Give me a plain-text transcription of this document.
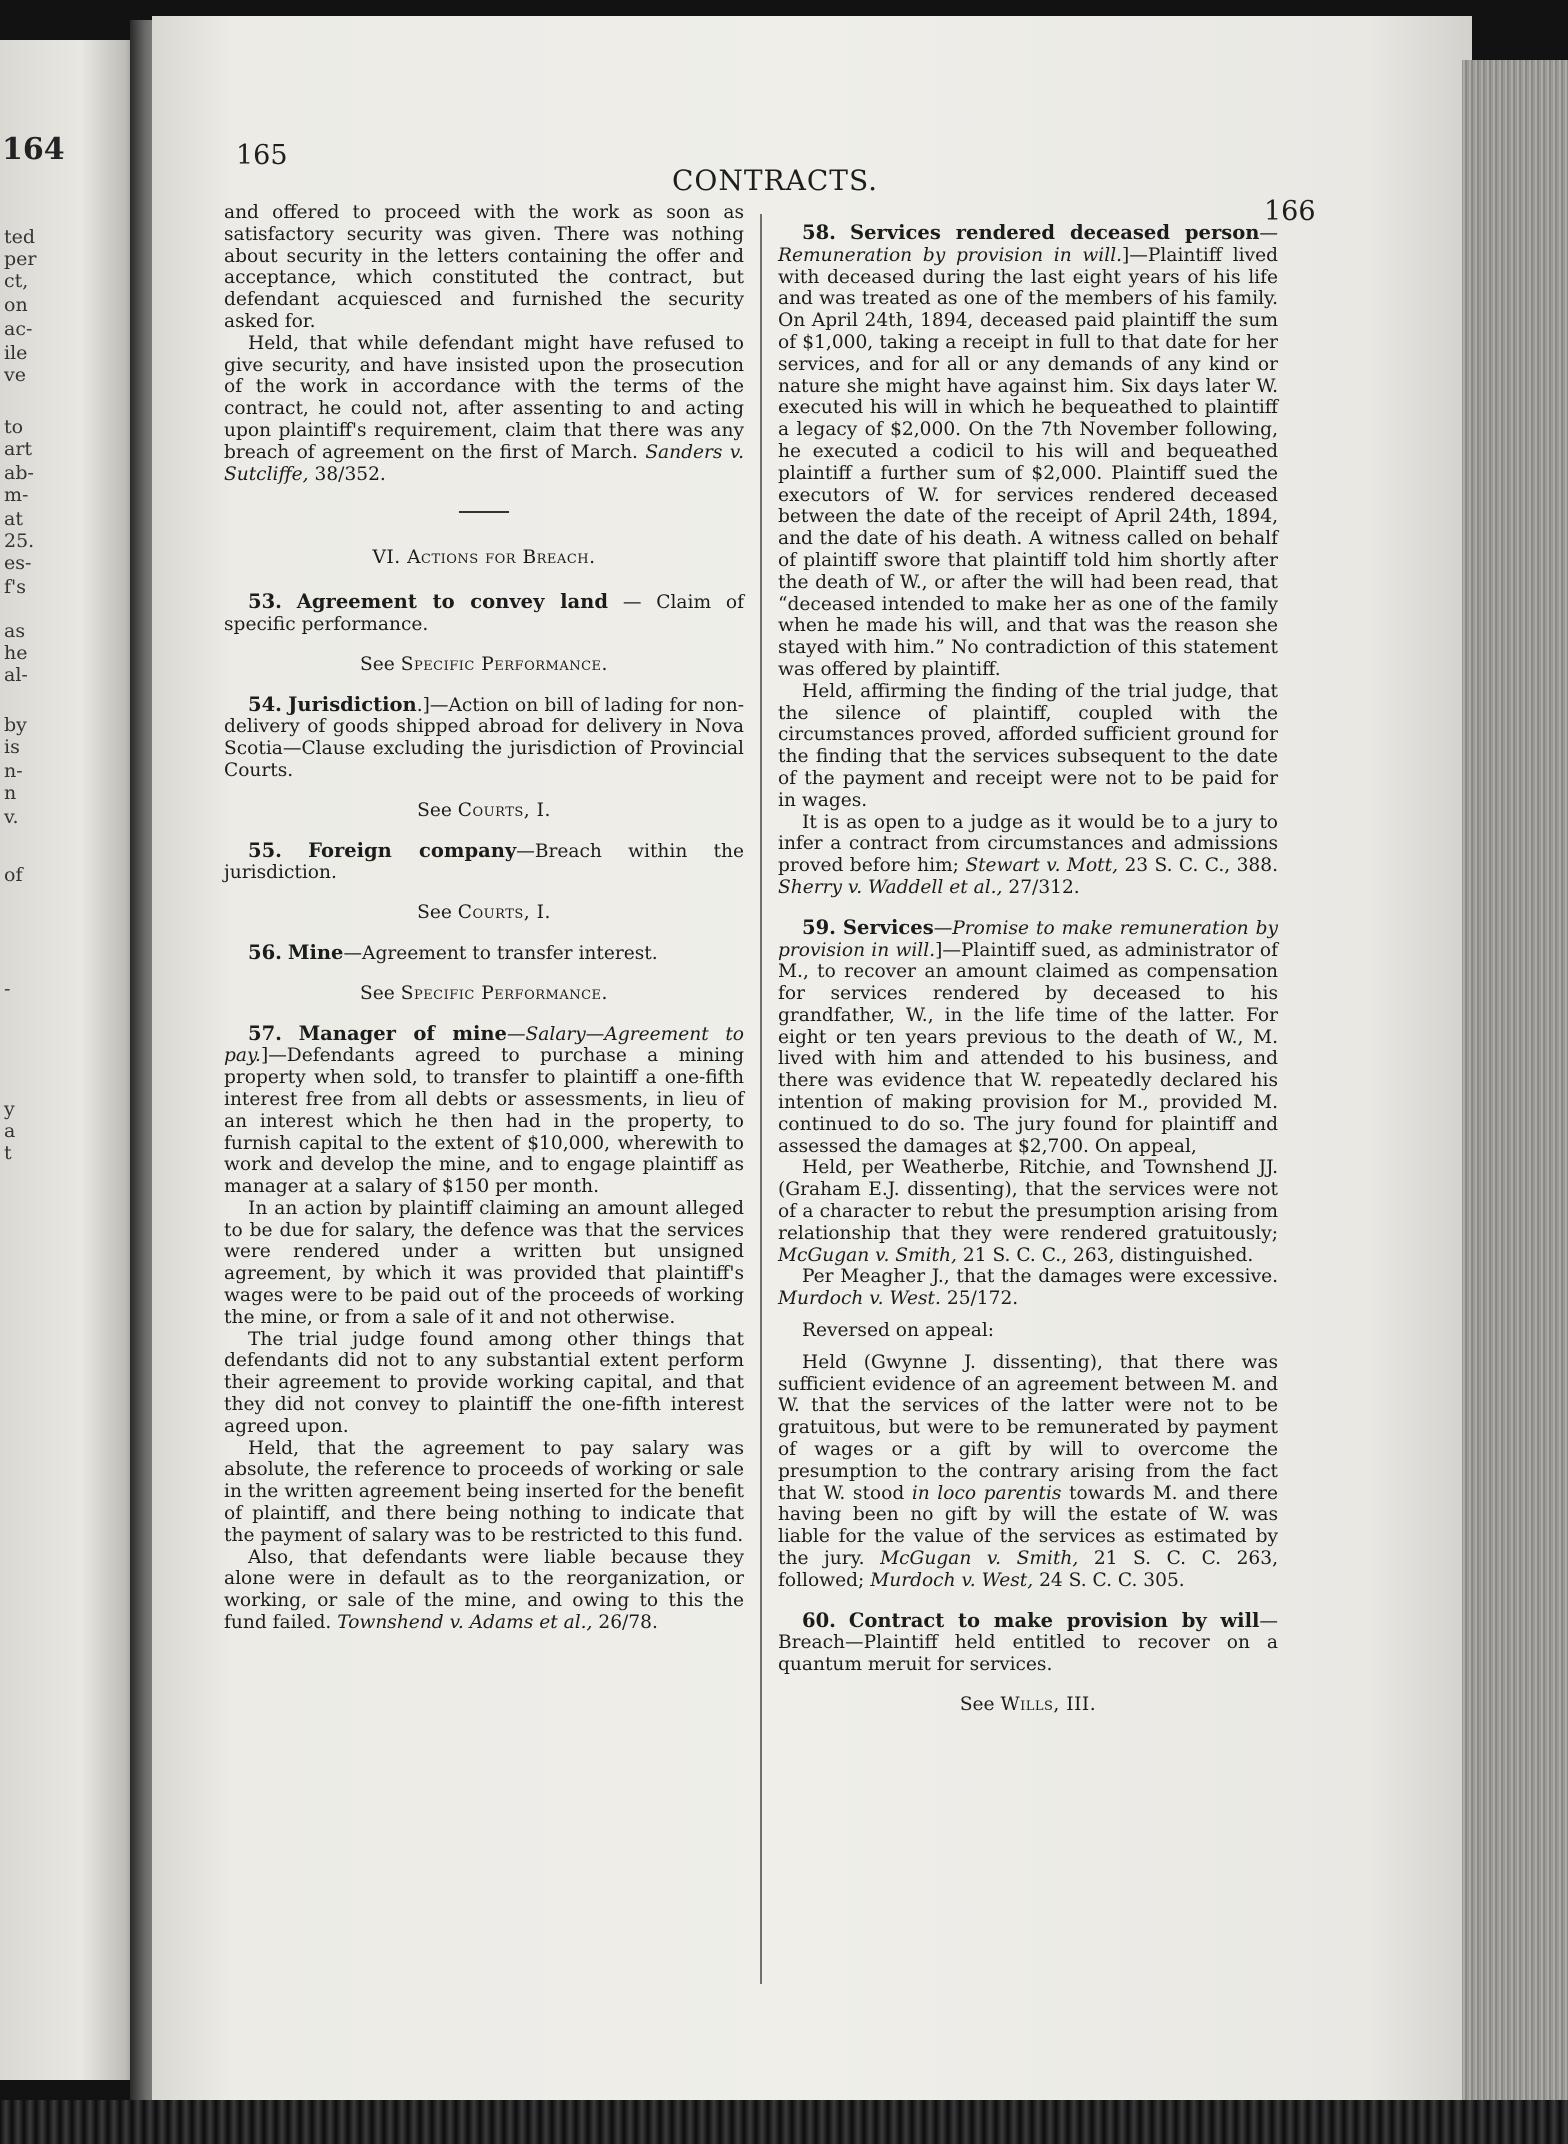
164
ted
per
ct,
on
ac-
ile
ve
to
art
ab-
m-
at
25.
es-
f's
as
he
al-
by
is
n-
n
v.
of
-
y
a
t
165
CONTRACTS.
166

and offered to proceed with the work as soon as satisfactory security was given. There was nothing about security in the letters containing the offer and acceptance, which constituted the contract, but defendant acquiesced and furnished the security asked for.

Held, that while defendant might have refused to give security, and have insisted upon the prosecution of the work in accordance with the terms of the contract, he could not, after assenting to and acting upon plaintiff's requirement, claim that there was any breach of agreement on the first of March. Sanders v. Sutcliffe, 38/352.

VI. Actions for Breach.

53. Agreement to convey land — Claim of specific performance.

See Specific Performance.

54. Jurisdiction.]—Action on bill of lading for non-delivery of goods shipped abroad for delivery in Nova Scotia—Clause excluding the jurisdiction of Provincial Courts.

See Courts, I.

55. Foreign company—Breach within the jurisdiction.

See Courts, I.

56. Mine—Agreement to transfer interest.

See Specific Performance.

57. Manager of mine—Salary—Agreement to pay.]—Defendants agreed to purchase a mining property when sold, to transfer to plaintiff a one-fifth interest free from all debts or assessments, in lieu of an interest which he then had in the property, to furnish capital to the extent of $10,000, wherewith to work and develop the mine, and to engage plaintiff as manager at a salary of $150 per month.

In an action by plaintiff claiming an amount alleged to be due for salary, the defence was that the services were rendered under a written but unsigned agreement, by which it was provided that plaintiff's wages were to be paid out of the proceeds of working the mine, or from a sale of it and not otherwise.

The trial judge found among other things that defendants did not to any substantial extent perform their agreement to provide working capital, and that they did not convey to plaintiff the one-fifth interest agreed upon.

Held, that the agreement to pay salary was absolute, the reference to proceeds of working or sale in the written agreement being inserted for the benefit of plaintiff, and there being nothing to indicate that the payment of salary was to be restricted to this fund.

Also, that defendants were liable because they alone were in default as to the reorganization, or working, or sale of the mine, and owing to this the fund failed. Townshend v. Adams et al., 26/78.

58. Services rendered deceased person—Remuneration by provision in will.]—Plaintiff lived with deceased during the last eight years of his life and was treated as one of the members of his family. On April 24th, 1894, deceased paid plaintiff the sum of $1,000, taking a receipt in full to that date for her services, and for all or any demands of any kind or nature she might have against him. Six days later W. executed his will in which he bequeathed to plaintiff a legacy of $2,000. On the 7th November following, he executed a codicil to his will and bequeathed plaintiff a further sum of $2,000. Plaintiff sued the executors of W. for services rendered deceased between the date of the receipt of April 24th, 1894, and the date of his death. A witness called on behalf of plaintiff swore that plaintiff told him shortly after the death of W., or after the will had been read, that “deceased intended to make her as one of the family when he made his will, and that was the reason she stayed with him.” No contradiction of this statement was offered by plaintiff.

Held, affirming the finding of the trial judge, that the silence of plaintiff, coupled with the circumstances proved, afforded sufficient ground for the finding that the services subsequent to the date of the payment and receipt were not to be paid for in wages.

It is as open to a judge as it would be to a jury to infer a contract from circumstances and admissions proved before him; Stewart v. Mott, 23 S. C. C., 388. Sherry v. Waddell et al., 27/312.

59. Services—Promise to make remuneration by provision in will.]—Plaintiff sued, as administrator of M., to recover an amount claimed as compensation for services rendered by deceased to his grandfather, W., in the life time of the latter. For eight or ten years previous to the death of W., M. lived with him and attended to his business, and there was evidence that W. repeatedly declared his intention of making provision for M., provided M. continued to do so. The jury found for plaintiff and assessed the damages at $2,700. On appeal,

Held, per Weatherbe, Ritchie, and Townshend JJ. (Graham E.J. dissenting), that the services were not of a character to rebut the presumption arising from relationship that they were rendered gratuitously; McGugan v. Smith, 21 S. C. C., 263, distinguished.

Per Meagher J., that the damages were excessive. Murdoch v. West. 25/172.

Reversed on appeal:

Held (Gwynne J. dissenting), that there was sufficient evidence of an agreement between M. and W. that the services of the latter were not to be gratuitous, but were to be remunerated by payment of wages or a gift by will to overcome the presumption to the contrary arising from the fact that W. stood in loco parentis towards M. and there having been no gift by will the estate of W. was liable for the value of the services as estimated by the jury. McGugan v. Smith, 21 S. C. C. 263, followed; Murdoch v. West, 24 S. C. C. 305.

60. Contract to make provision by will—Breach—Plaintiff held entitled to recover on a quantum meruit for services.

See Wills, III.
